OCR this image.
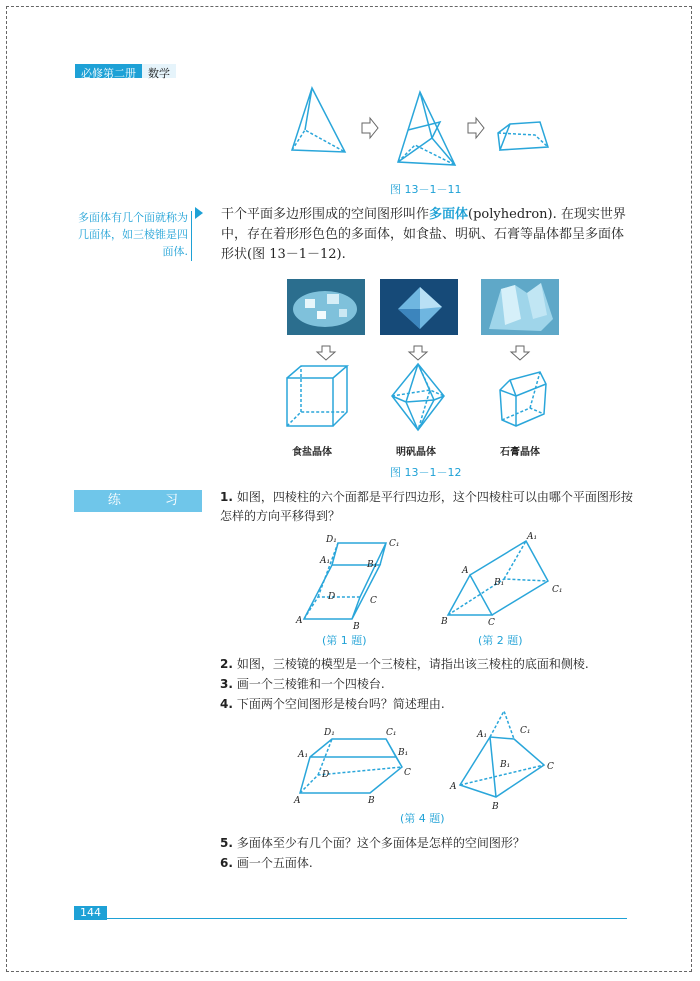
必修第二册	数学
图 13－1－11
多面体有几个面就称为几面体，如三棱锥是四面体.
干个平面多边形围成的空间图形叫作多面体(polyhedron). 在现实世界中，存在着形形色色的多面体，如食盐、明矾、石膏等晶体都呈多面体形状(图 13－1－12).
食盐晶体	明矾晶体	石膏晶体
图 13－1－12
练 习	1. 如图，四棱柱的六个面都是平行四边形，这个四棱柱可以由哪个平面图形按怎样的方向平移得到？
D₁	C₁
A₁	B₁
D	C
A
B
A₁
A
B₁
C₁
B	C
(第 1 题)	(第 2 题)
2. 如图，三棱镜的模型是一个三棱柱，请指出该三棱柱的底面和侧棱.
3. 画一个三棱锥和一个四棱台.
4. 下面两个空间图形是棱台吗？简述理由.
D₁	C₁
A₁	B₁
D	C
A	B
A₁	C₁
B₁	C
A
B
(第 4 题)
5. 多面体至少有几个面？这个多面体是怎样的空间图形？
6. 画一个五面体.
144
